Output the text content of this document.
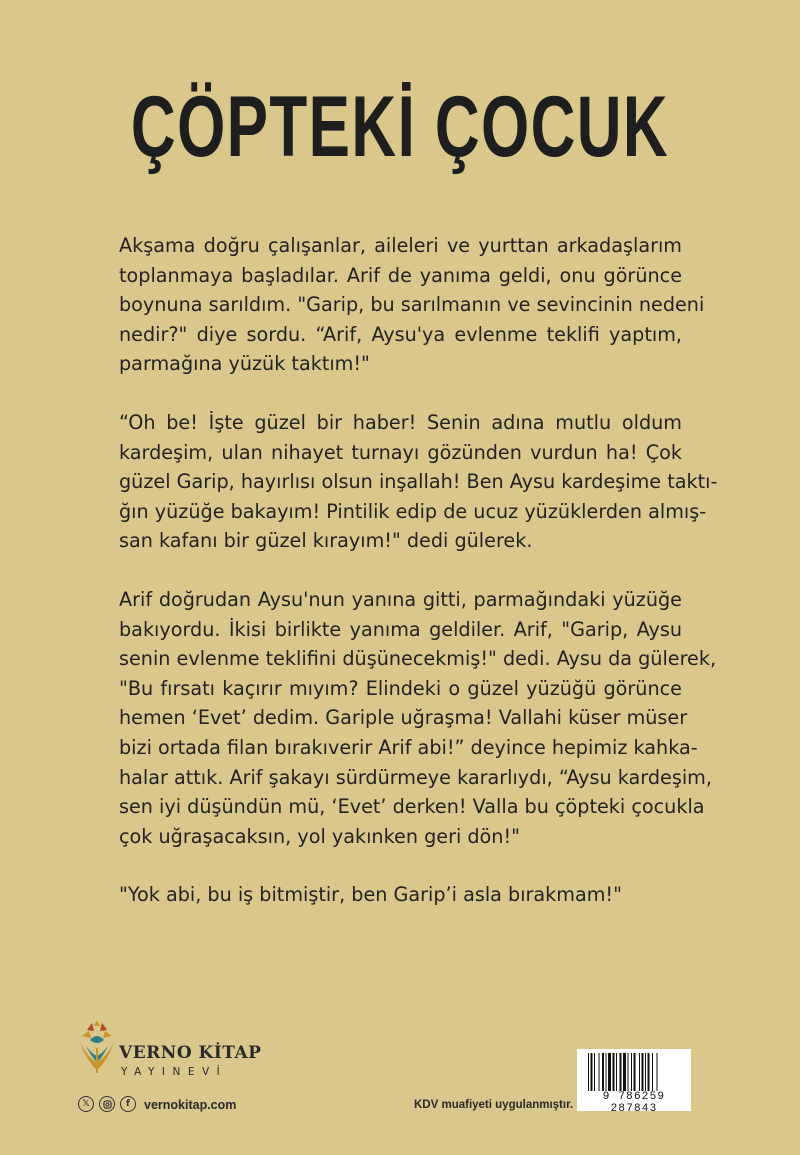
ÇÖPTEKİ ÇOCUK

Akşama doğru çalışanlar, aileleri ve yurttan arkadaşlarım
toplanmaya başladılar. Arif de yanıma geldi, onu görünce
boynuna sarıldım. "Garip, bu sarılmanın ve sevincinin nedeni
nedir?" diye sordu. “Arif, Aysu'ya evlenme teklifi yaptım,
parmağına yüzük taktım!"

“Oh be! İşte güzel bir haber! Senin adına mutlu oldum
kardeşim, ulan nihayet turnayı gözünden vurdun ha! Çok
güzel Garip, hayırlısı olsun inşallah! Ben Aysu kardeşime taktı-
ğın yüzüğe bakayım! Pintilik edip de ucuz yüzüklerden almış-
san kafanı bir güzel kırayım!" dedi gülerek.

Arif doğrudan Aysu'nun yanına gitti, parmağındaki yüzüğe
bakıyordu. İkisi birlikte yanıma geldiler. Arif, "Garip, Aysu
senin evlenme teklifini düşünecekmiş!" dedi. Aysu da gülerek,
"Bu fırsatı kaçırır mıyım? Elindeki o güzel yüzüğü görünce
hemen ‘Evet’ dedim. Gariple uğraşma! Vallahi küser müser
bizi ortada filan bırakıverir Arif abi!” deyince hepimiz kahka-
halar attık. Arif şakayı sürdürmeye kararlıydı, “Aysu kardeşim,
sen iyi düşündün mü, ‘Evet’ derken! Valla bu çöpteki çocukla
çok uğraşacaksın, yol yakınken geri dön!"

"Yok abi, bu iş bitmiştir, ben Garip’i asla bırakmam!"

VERNO KİTAP
YAYINEVİ
𝕏	f	vernokitap.com	KDV muafiyeti uygulanmıştır.
9 786259 287843
